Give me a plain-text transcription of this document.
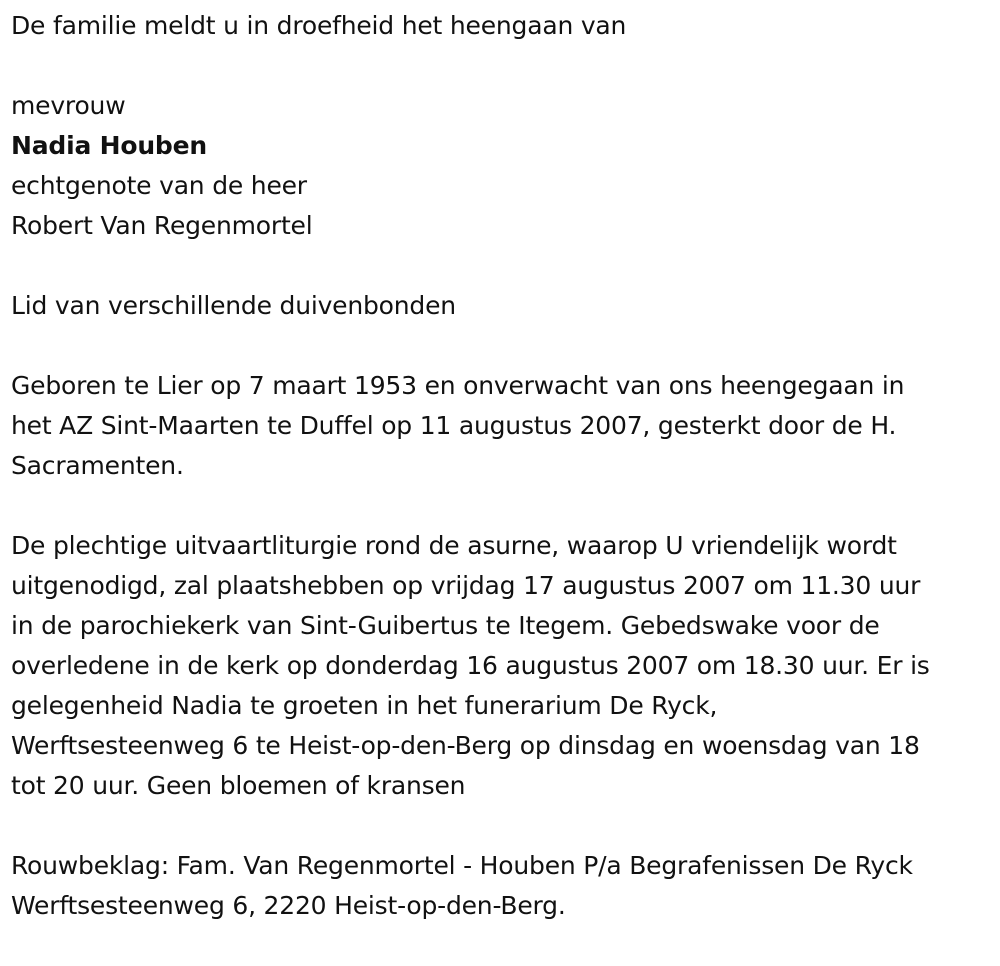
De familie meldt u in droefheid het heengaan van

mevrouw

Nadia Houben

echtgenote van de heer

Robert Van Regenmortel

Lid van verschillende duivenbonden

Geboren te Lier op 7 maart 1953 en onverwacht van ons heengegaan in

het AZ Sint-Maarten te Duffel op 11 augustus 2007, gesterkt door de H.

Sacramenten.

De plechtige uitvaartliturgie rond de asurne, waarop U vriendelijk wordt

uitgenodigd, zal plaatshebben op vrijdag 17 augustus 2007 om 11.30 uur

in de parochiekerk van Sint-Guibertus te Itegem. Gebedswake voor de

overledene in de kerk op donderdag 16 augustus 2007 om 18.30 uur. Er is

gelegenheid Nadia te groeten in het funerarium De Ryck,

Werftsesteenweg 6 te Heist-op-den-Berg op dinsdag en woensdag van 18

tot 20 uur. Geen bloemen of kransen

Rouwbeklag: Fam. Van Regenmortel - Houben P/a Begrafenissen De Ryck

Werftsesteenweg 6, 2220 Heist-op-den-Berg.
